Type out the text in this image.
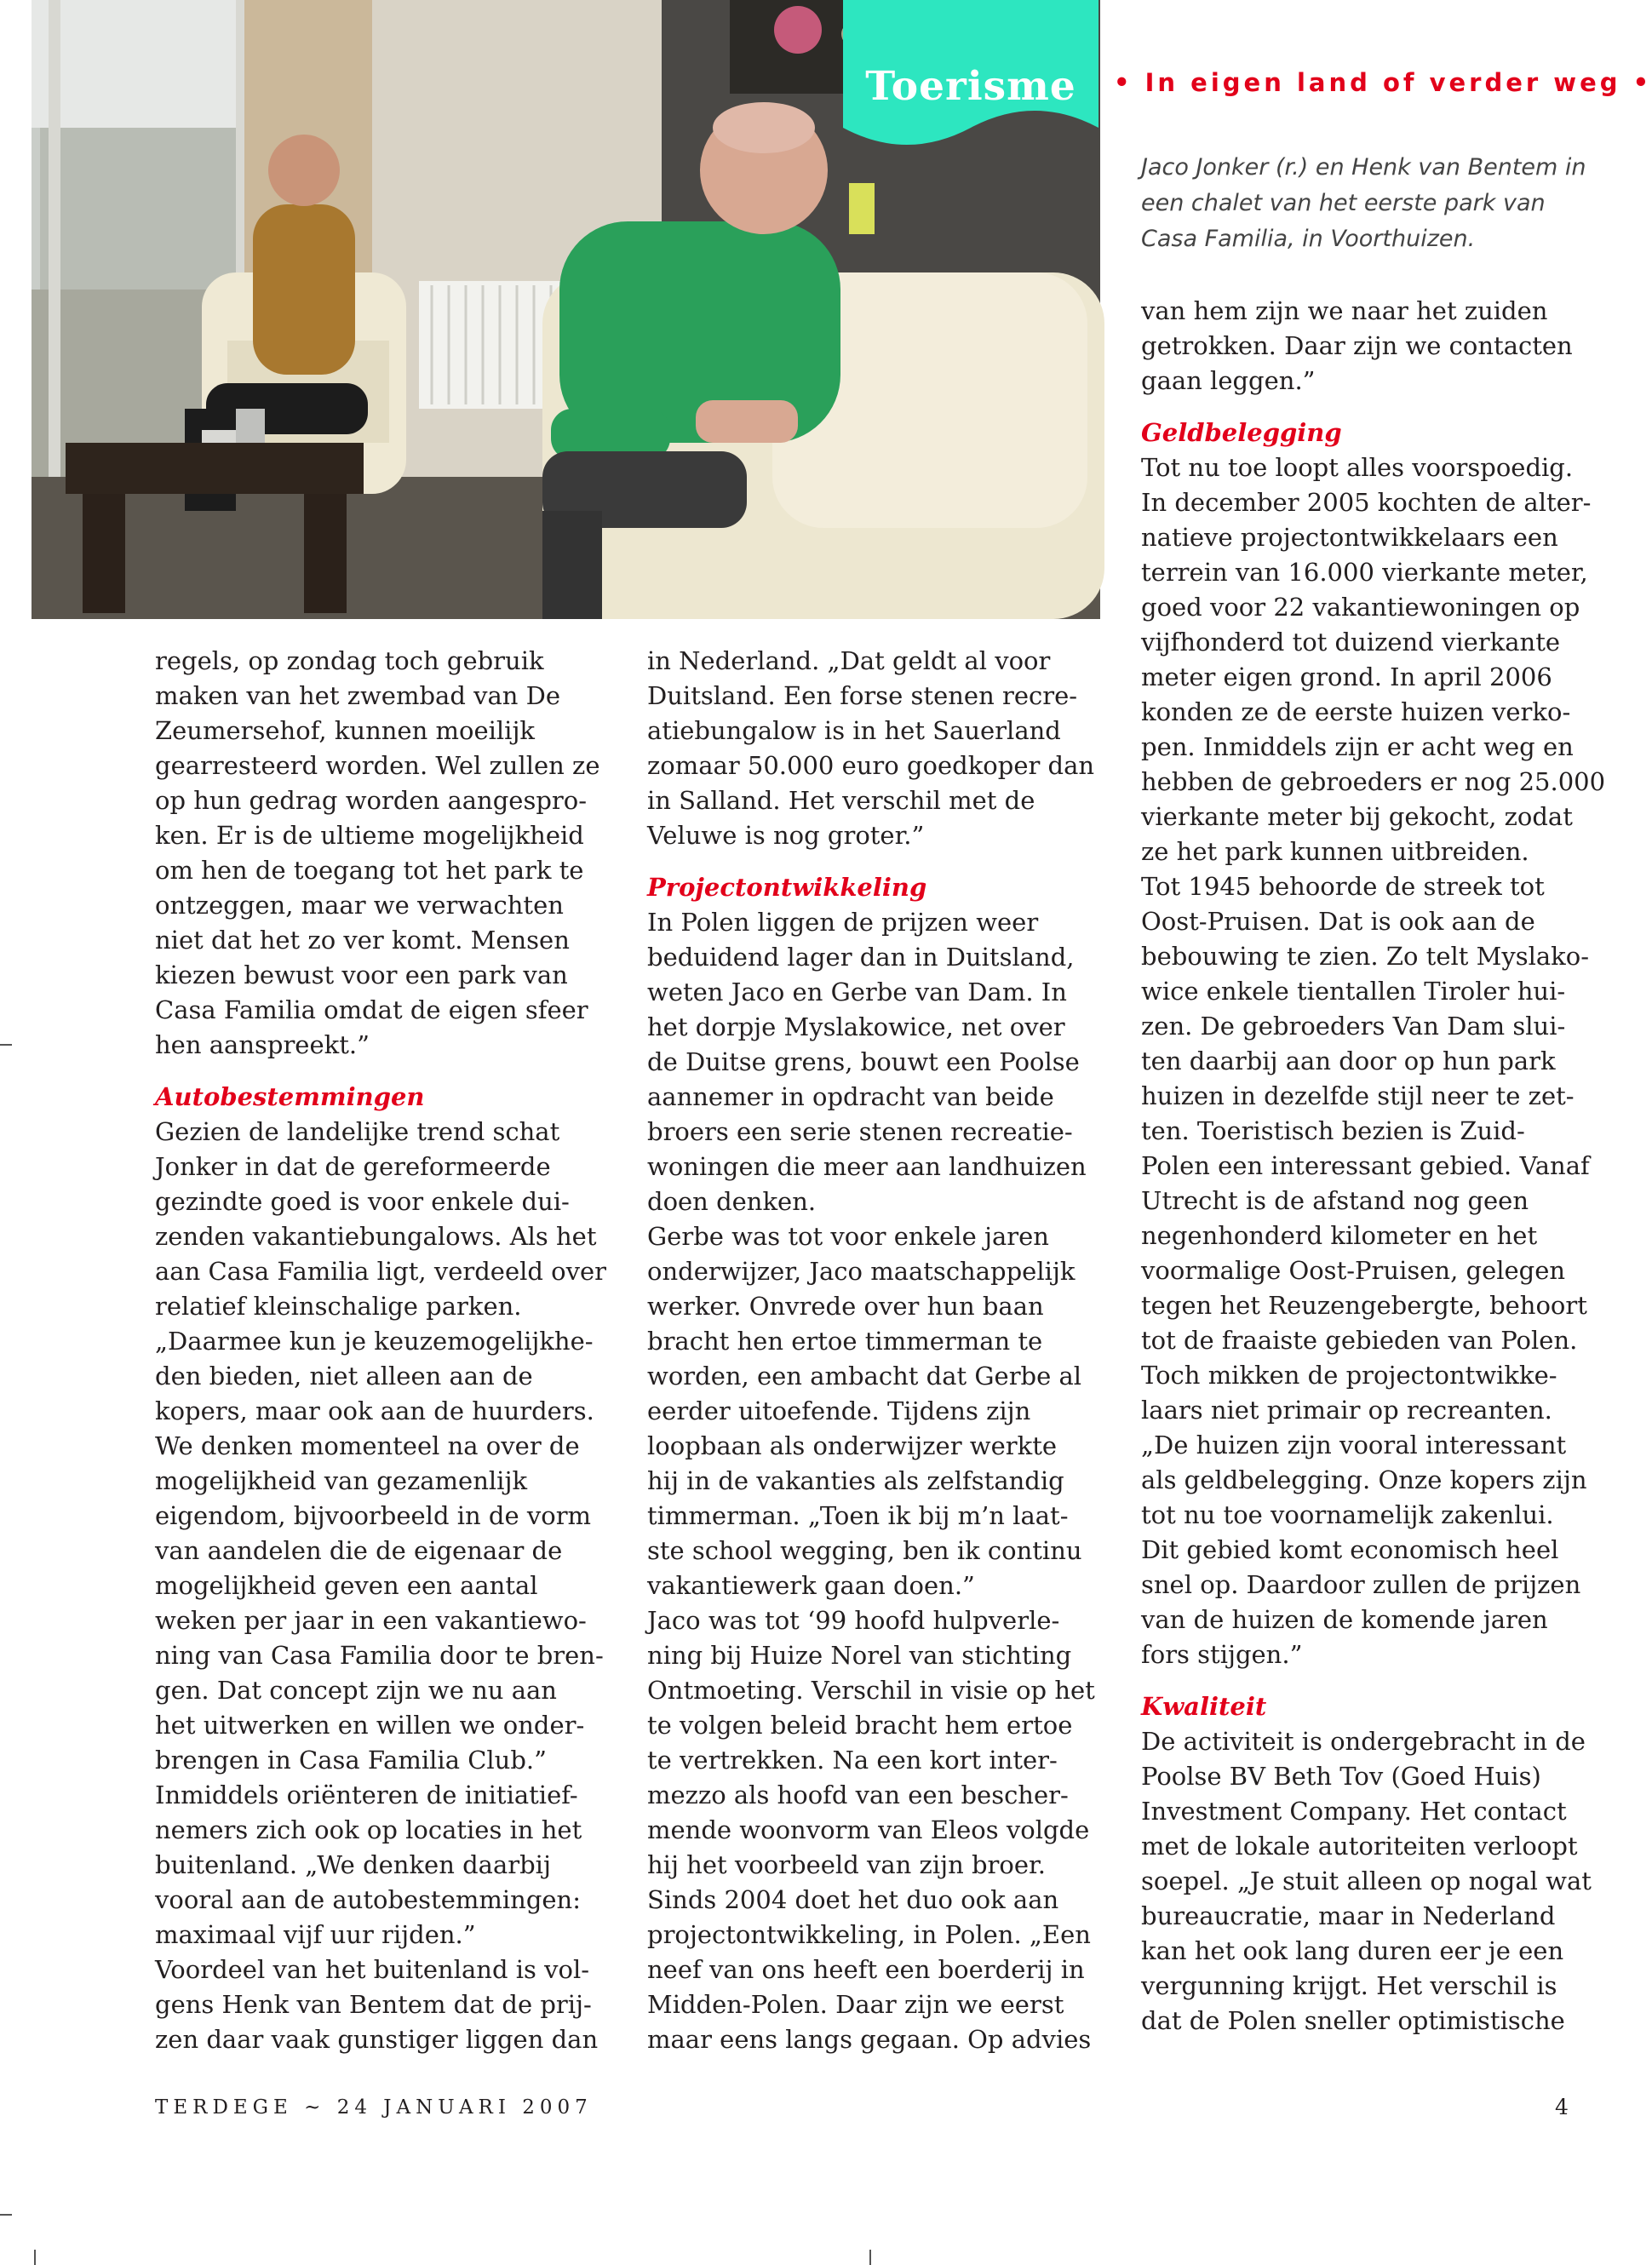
Toerisme	• In eigen land of verder weg •
Jaco Jonker (r.) en Henk van Bentem in
een chalet van het eerste park van
Casa Familia, in Voorthuizen.
regels, op zondag toch gebruik
maken van het zwembad van De
Zeumersehof, kunnen moeilijk
gearresteerd worden. Wel zullen ze
op hun gedrag worden aangespro-
ken. Er is de ultieme mogelijkheid
om hen de toegang tot het park te
ontzeggen, maar we verwachten
niet dat het zo ver komt. Mensen
kiezen bewust voor een park van
Casa Familia omdat de eigen sfeer
hen aanspreekt.”
Autobestemmingen
Gezien de landelijke trend schat
Jonker in dat de gereformeerde
gezindte goed is voor enkele dui-
zenden vakantiebungalows. Als het
aan Casa Familia ligt, verdeeld over
relatief kleinschalige parken.
„Daarmee kun je keuzemogelijkhe-
den bieden, niet alleen aan de
kopers, maar ook aan de huurders.
We denken momenteel na over de
mogelijkheid van gezamenlijk
eigendom, bijvoorbeeld in de vorm
van aandelen die de eigenaar de
mogelijkheid geven een aantal
weken per jaar in een vakantiewo-
ning van Casa Familia door te bren-
gen. Dat concept zijn we nu aan
het uitwerken en willen we onder-
brengen in Casa Familia Club.”
Inmiddels oriënteren de initiatief-
nemers zich ook op locaties in het
buitenland. „We denken daarbij
vooral aan de autobestemmingen:
maximaal vijf uur rijden.”
Voordeel van het buitenland is vol-
gens Henk van Bentem dat de prij-
zen daar vaak gunstiger liggen dan
in Nederland. „Dat geldt al voor
Duitsland. Een forse stenen recre-
atiebungalow is in het Sauerland
zomaar 50.000 euro goedkoper dan
in Salland. Het verschil met de
Veluwe is nog groter.”
Projectontwikkeling
In Polen liggen de prijzen weer
beduidend lager dan in Duitsland,
weten Jaco en Gerbe van Dam. In
het dorpje Myslakowice, net over
de Duitse grens, bouwt een Poolse
aannemer in opdracht van beide
broers een serie stenen recreatie-
woningen die meer aan landhuizen
doen denken.
Gerbe was tot voor enkele jaren
onderwijzer, Jaco maatschappelijk
werker. Onvrede over hun baan
bracht hen ertoe timmerman te
worden, een ambacht dat Gerbe al
eerder uitoefende. Tijdens zijn
loopbaan als onderwijzer werkte
hij in de vakanties als zelfstandig
timmerman. „Toen ik bij m’n laat-
ste school wegging, ben ik continu
vakantiewerk gaan doen.”
Jaco was tot ‘99 hoofd hulpverle-
ning bij Huize Norel van stichting
Ontmoeting. Verschil in visie op het
te volgen beleid bracht hem ertoe
te vertrekken. Na een kort inter-
mezzo als hoofd van een bescher-
mende woonvorm van Eleos volgde
hij het voorbeeld van zijn broer.
Sinds 2004 doet het duo ook aan
projectontwikkeling, in Polen. „Een
neef van ons heeft een boerderij in
Midden-Polen. Daar zijn we eerst
maar eens langs gegaan. Op advies
van hem zijn we naar het zuiden
getrokken. Daar zijn we contacten
gaan leggen.”
Geldbelegging
Tot nu toe loopt alles voorspoedig.
In december 2005 kochten de alter-
natieve projectontwikkelaars een
terrein van 16.000 vierkante meter,
goed voor 22 vakantiewoningen op
vijfhonderd tot duizend vierkante
meter eigen grond. In april 2006
konden ze de eerste huizen verko-
pen. Inmiddels zijn er acht weg en
hebben de gebroeders er nog 25.000
vierkante meter bij gekocht, zodat
ze het park kunnen uitbreiden.
Tot 1945 behoorde de streek tot
Oost-Pruisen. Dat is ook aan de
bebouwing te zien. Zo telt Myslako-
wice enkele tientallen Tiroler hui-
zen. De gebroeders Van Dam slui-
ten daarbij aan door op hun park
huizen in dezelfde stijl neer te zet-
ten. Toeristisch bezien is Zuid-
Polen een interessant gebied. Vanaf
Utrecht is de afstand nog geen
negenhonderd kilometer en het
voormalige Oost-Pruisen, gelegen
tegen het Reuzengebergte, behoort
tot de fraaiste gebieden van Polen.
Toch mikken de projectontwikke-
laars niet primair op recreanten.
„De huizen zijn vooral interessant
als geldbelegging. Onze kopers zijn
tot nu toe voornamelijk zakenlui.
Dit gebied komt economisch heel
snel op. Daardoor zullen de prijzen
van de huizen de komende jaren
fors stijgen.”
Kwaliteit
De activiteit is ondergebracht in de
Poolse BV Beth Tov (Goed Huis)
Investment Company. Het contact
met de lokale autoriteiten verloopt
soepel. „Je stuit alleen op nogal wat
bureaucratie, maar in Nederland
kan het ook lang duren eer je een
vergunning krijgt. Het verschil is
dat de Polen sneller optimistische
TERDEGE ~ 24 JANUARI 2007	4
